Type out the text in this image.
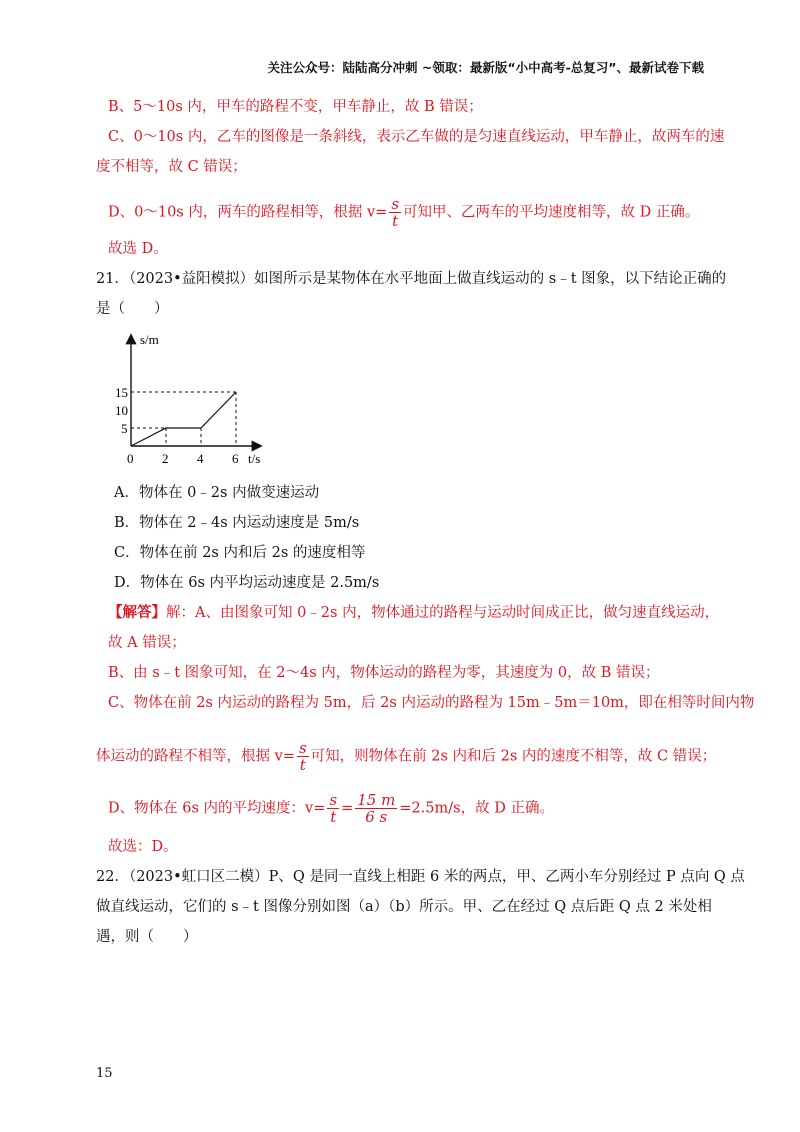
关注公众号：陆陆高分冲刺 ~领取：最新版“小中高考-总复习”、最新试卷下载
B、5～10s 内，甲车的路程不变，甲车静止，故 B 错误；
C、0～10s 内，乙车的图像是一条斜线，表示乙车做的是匀速直线运动，甲车静止，故两车的速
度不相等，故 C 错误；
D、0～10s 内，两车的路程相等，根据 $v= \frac{s}{t}$ 可知甲、乙两车的平均速度相等，故 D 正确。
故选 D。
21．（2023•益阳模拟）如图所示是某物体在水平地面上做直线运动的 s﹣t 图象，以下结论正确的
是（　　）
2 4 6
5
10
15
s/m
t/s
0
A．物体在 0﹣2s 内做变速运动
B．物体在 2﹣4s 内运动速度是 5m/s
C．物体在前 2s 内和后 2s 的速度相等
D．物体在 6s 内平均运动速度是 2.5m/s
【解答】解：A、由图象可知 0﹣2s 内，物体通过的路程与运动时间成正比，做匀速直线运动，
故 A 错误；
B、由 s﹣t 图象可知，在 2～4s 内，物体运动的路程为零，其速度为 0，故 B 错误；
C、物体在前 2s 内运动的路程为 5m，后 2s 内运动的路程为 15m﹣5m＝10m，即在相等时间内物
体运动的路程不相等，根据 $v= \frac{s}{t}$ 可知，则物体在前 2s 内和后 2s 内的速度不相等，故 C 错误；
D、物体在 6s 内的平均速度：$v= \frac{s}{t} = \frac{15 m}{6 s} =2.5m/s$，故 D 正确。
故选：D。
22．（2023•虹口区二模）P、Q 是同一直线上相距 6 米的两点，甲、乙两小车分别经过 P 点向 Q 点
做直线运动，它们的 s﹣t 图像分别如图（a）（b）所示。甲、乙在经过 Q 点后距 Q 点 2 米处相
遇，则（　　）
15
